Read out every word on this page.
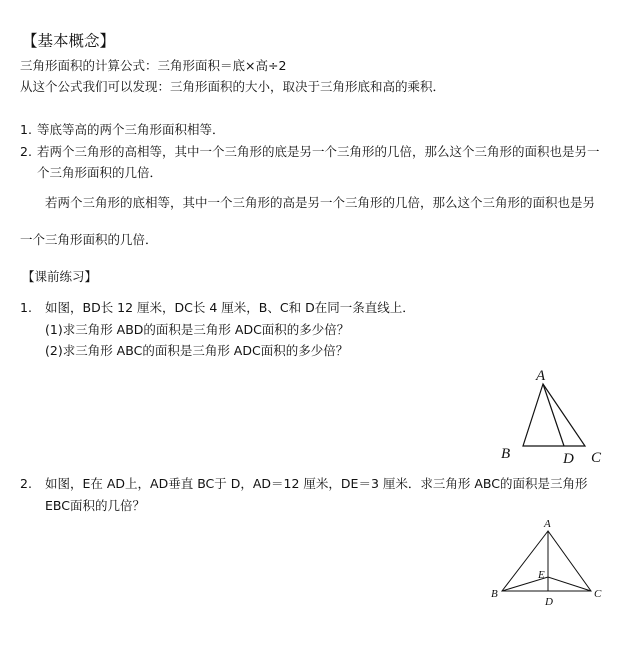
【基本概念】
三角形面积的计算公式：三角形面积＝底×高÷2
从这个公式我们可以发现：三角形面积的大小，取决于三角形底和高的乘积．
1. 等底等高的两个三角形面积相等．
2. 若两个三角形的高相等，其中一个三角形的底是另一个三角形的几倍，那么这个三角形的面积也是另一
个三角形面积的几倍．
若两个三角形的底相等，其中一个三角形的高是另一个三角形的几倍，那么这个三角形的面积也是另
一个三角形面积的几倍．
【课前练习】
1. 如图，BD长 12 厘米，DC长 4 厘米，B、C和 D在同一条直线上．
(1)求三角形 ABD的面积是三角形 ADC面积的多少倍？
(2)求三角形 ABC的面积是三角形 ADC面积的多少倍？
2. 如图，E在 AD上，AD垂直 BC于 D，AD＝12 厘米，DE＝3 厘米．求三角形 ABC的面积是三角形
EBC面积的几倍？
A
B	D C
A
B
D
E
C
